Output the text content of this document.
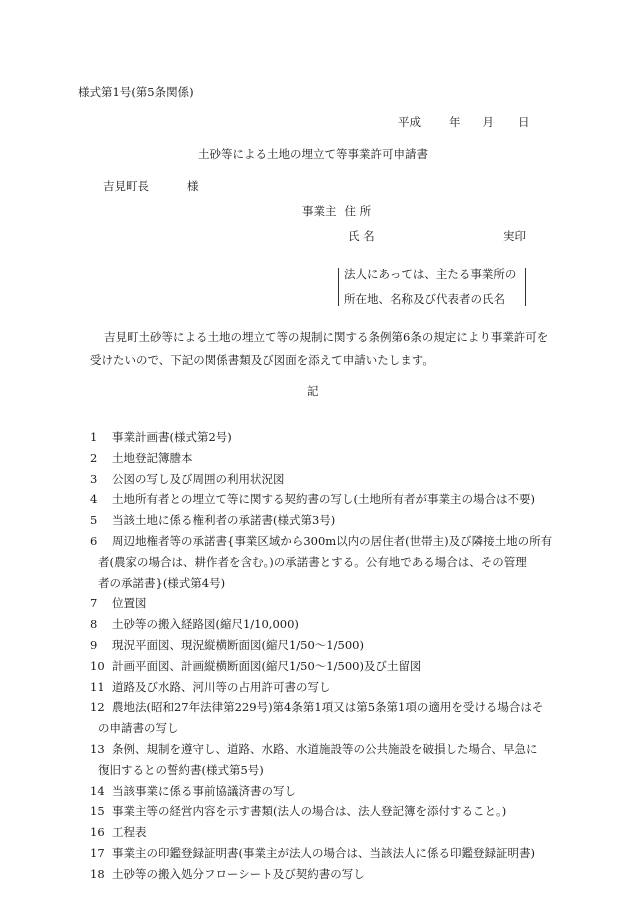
様式第1号(第5条関係)
平成 年 月 日
土砂等による土地の埋立て等事業許可申請書
吉見町長	様
事業主 住 所
氏 名	実印
法人にあっては、主たる事業所の
所在地、名称及び代表者の氏名
吉見町土砂等による土地の埋立て等の規制に関する条例第6条の規定により事業許可を受けたいので、下記の関係書類及び図面を添えて申請いたします。
記
1	事業計画書(様式第2号)
2	土地登記簿謄本
3	公図の写し及び周囲の利用状況図
4	土地所有者との埋立て等に関する契約書の写し(土地所有者が事業主の場合は不要)
5	当該土地に係る権利者の承諾書(様式第3号)
6	周辺地権者等の承諾書{事業区域から300m以内の居住者(世帯主)及び隣接土地の所有
者(農家の場合は、耕作者を含む。)の承諾書とする。公有地である場合は、その管理
者の承諾書}(様式第4号)
7	位置図
8	土砂等の搬入経路図(縮尺1/10,000)
9	現況平面図、現況縦横断面図(縮尺1/50〜1/500)
10 計画平面図、計画縦横断面図(縮尺1/50〜1/500)及び土留図
11 道路及び水路、河川等の占用許可書の写し
12 農地法(昭和27年法律第229号)第4条第1項又は第5条第1項の適用を受ける場合はそ
の申請書の写し
13 条例、規制を遵守し、道路、水路、水道施設等の公共施設を破損した場合、早急に
復旧するとの誓約書(様式第5号)
14 当該事業に係る事前協議済書の写し
15 事業主等の経営内容を示す書類(法人の場合は、法人登記簿を添付すること。)
16 工程表
17 事業主の印鑑登録証明書(事業主が法人の場合は、当該法人に係る印鑑登録証明書)
18 土砂等の搬入処分フローシート及び契約書の写し
